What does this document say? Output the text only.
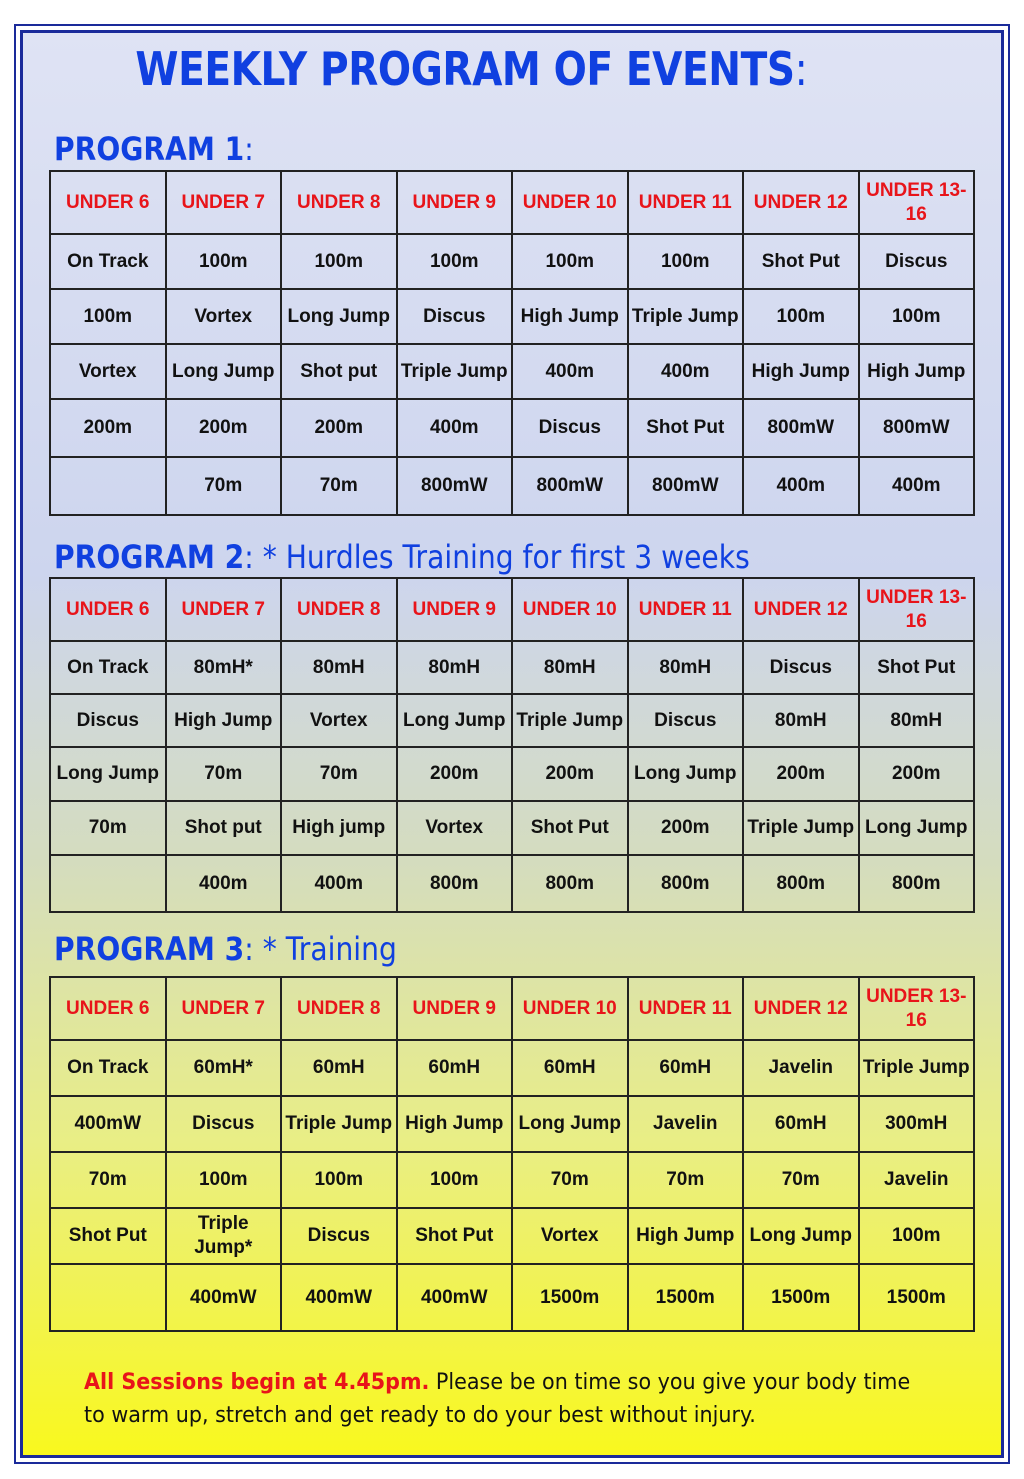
WEEKLY PROGRAM OF EVENTS:
PROGRAM 1:
UNDER 6	UNDER 7	UNDER 8	UNDER 9	UNDER 10	UNDER 11	UNDER 12	UNDER 13-16
On Track	100m	100m	100m	100m	100m	Shot Put	Discus
100m	Vortex	Long Jump	Discus	High Jump	Triple Jump	100m	100m
Vortex	Long Jump	Shot put	Triple Jump	400m	400m	High Jump	High Jump
200m	200m	200m	400m	Discus	Shot Put	800mW	800mW
	70m	70m	800mW	800mW	800mW	400m	400m
PROGRAM 2: * Hurdles Training for first 3 weeks
UNDER 6	UNDER 7	UNDER 8	UNDER 9	UNDER 10	UNDER 11	UNDER 12	UNDER 13-16
On Track	80mH*	80mH	80mH	80mH	80mH	Discus	Shot Put
Discus	High Jump	Vortex	Long Jump	Triple Jump	Discus	80mH	80mH
Long Jump	70m	70m	200m	200m	Long Jump	200m	200m
70m	Shot put	High jump	Vortex	Shot Put	200m	Triple Jump	Long Jump
	400m	400m	800m	800m	800m	800m	800m
PROGRAM 3: * Training
UNDER 6	UNDER 7	UNDER 8	UNDER 9	UNDER 10	UNDER 11	UNDER 12	UNDER 13-16
On Track	60mH*	60mH	60mH	60mH	60mH	Javelin	Triple Jump
400mW	Discus	Triple Jump	High Jump	Long Jump	Javelin	60mH	300mH
70m	100m	100m	100m	70m	70m	70m	Javelin
Shot Put	Triple Jump*	Discus	Shot Put	Vortex	High Jump	Long Jump	100m
	400mW	400mW	400mW	1500m	1500m	1500m	1500m
All Sessions begin at 4.45pm. Please be on time so you give your body time to warm up, stretch and get ready to do your best without injury.
